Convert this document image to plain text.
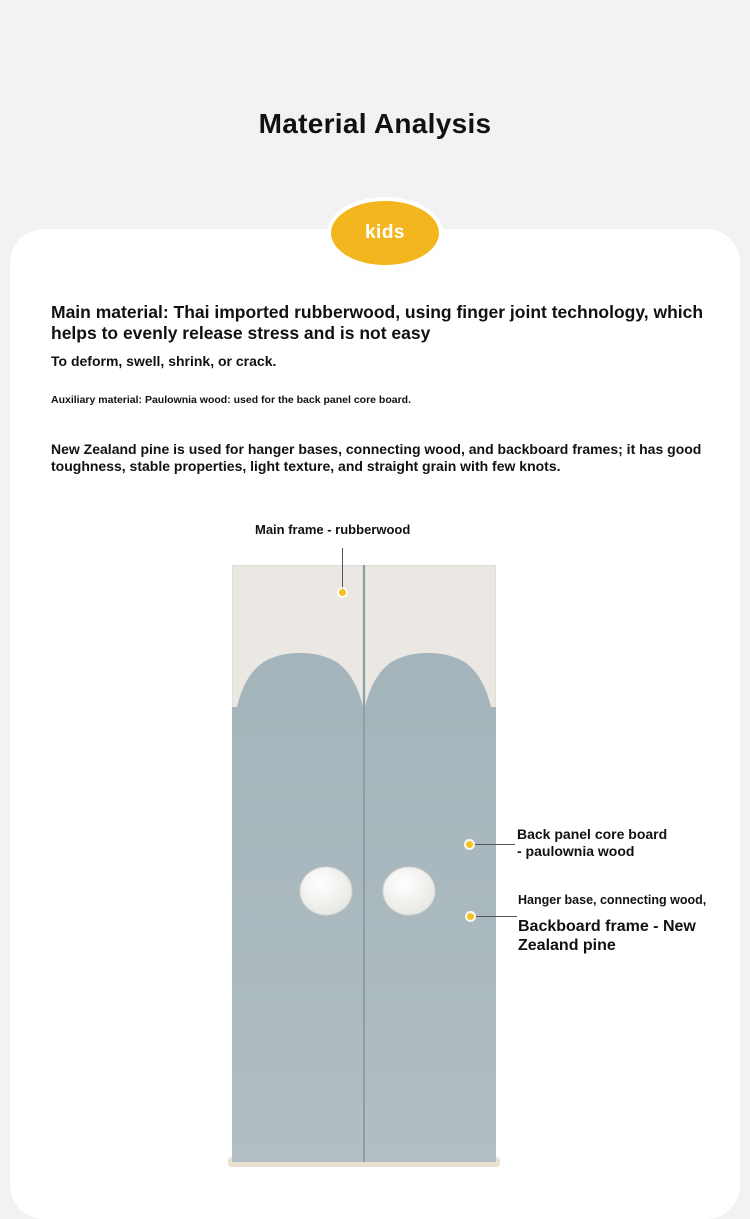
Material Analysis
kids
Main material: Thai imported rubberwood, using finger joint technology, which helps to evenly release stress and is not easy
To deform, swell, shrink, or crack.
Auxiliary material: Paulownia wood: used for the back panel core board.
New Zealand pine is used for hanger bases, connecting wood, and backboard frames; it has good toughness, stable properties, light texture, and straight grain with few knots.
Main frame - rubberwood
Back panel core board
- paulownia wood
Hanger base, connecting wood,
Backboard frame - New
Zealand pine
